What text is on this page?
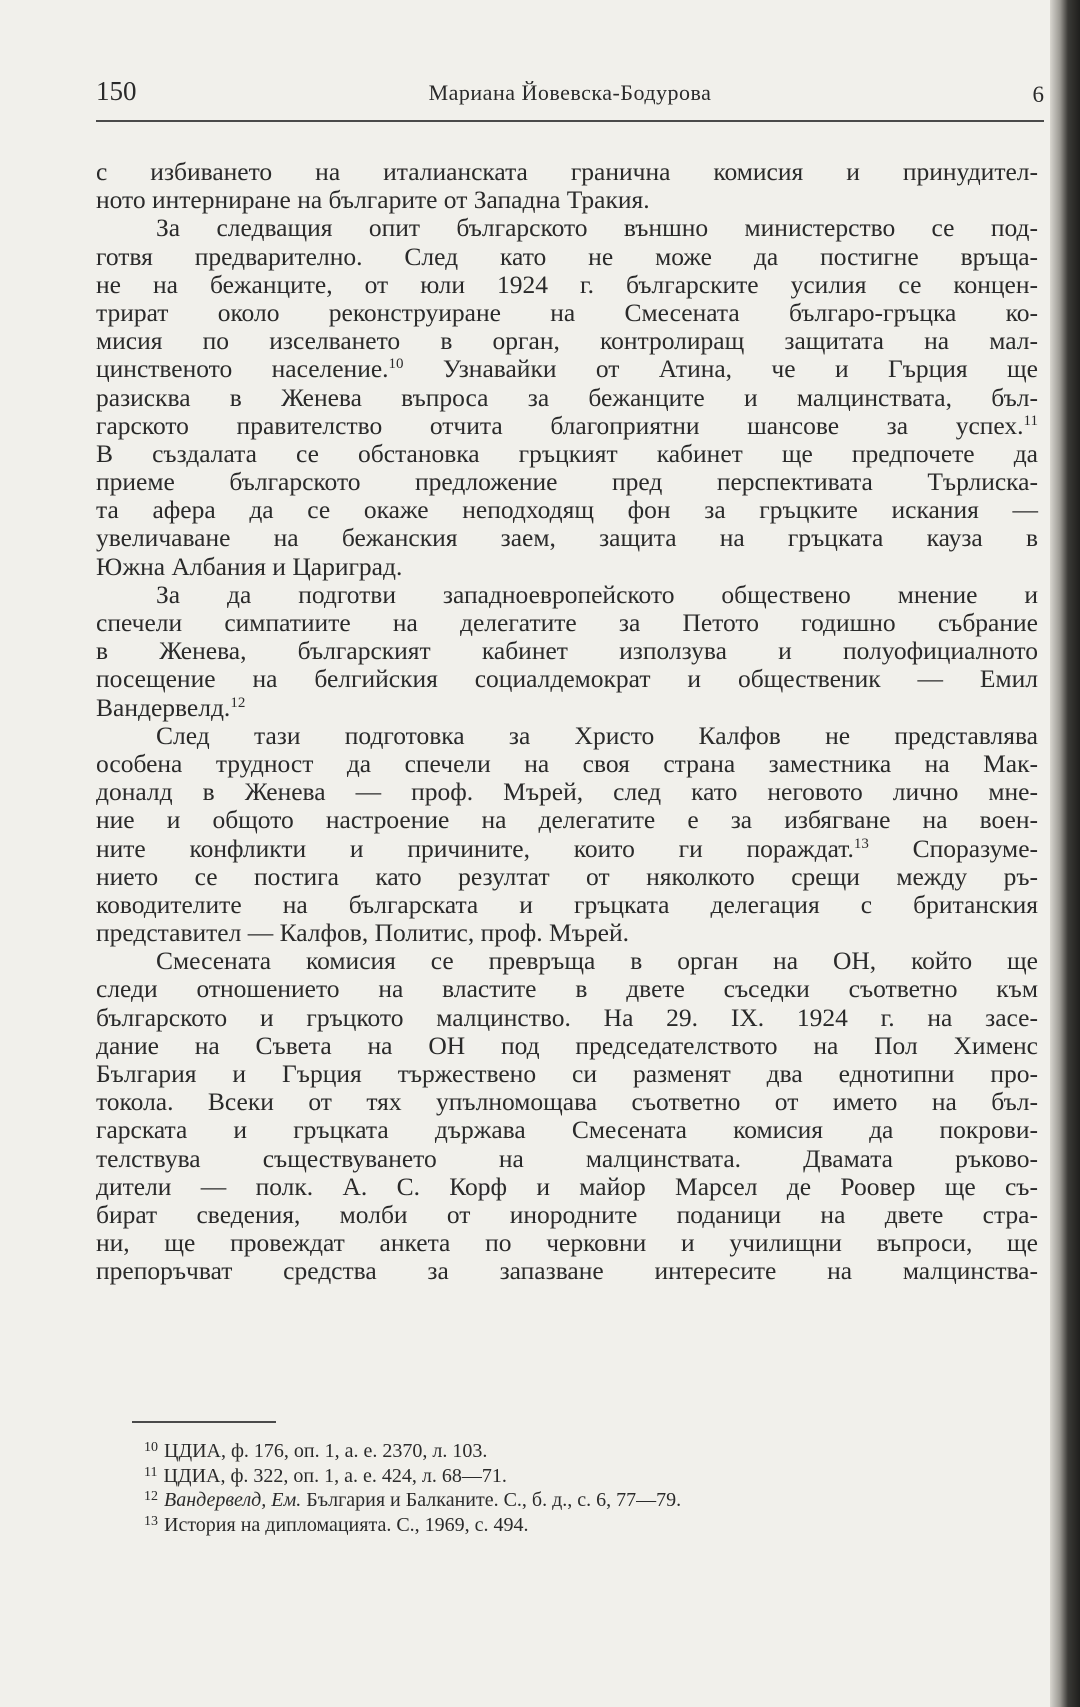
150	Мариана Йовевска-Бодурова	6
с избиването на италианската гранична комисия и принудител-
ното интерниране на българите от Западна Тракия.
За следващия опит българското външно министерство се под-
готвя предварително. След като не може да постигне връща-
не на бежанците, от юли 1924 г. българските усилия се концен-
трират около реконструиране на Смесената българо-гръцка ко-
мисия по изселването в орган, контролиращ защитата на мал-
цинственото население.$^{10}$ Узнавайки от Атина, че и Гърция ще
разисква в Женева въпроса за бежанците и малцинствата, бъл-
гарското правителство отчита благоприятни шансове за успех.$^{11}$
В създалата се обстановка гръцкият кабинет ще предпочете да
приеме българското предложение пред перспективата Търлиска-
та афера да се окаже неподходящ фон за гръцките искания —
увеличаване на бежанския заем, защита на гръцката кауза в
Южна Албания и Цариград.
За да подготви западноевропейското обществено мнение и
спечели симпатиите на делегатите за Петото годишно събрание
в Женева, българският кабинет използува и полуофициалното
посещение на белгийския социалдемократ и общественик — Емил
Вандервелд.$^{12}$
След тази подготовка за Христо Калфов не представлява
особена трудност да спечели на своя страна заместника на Мак-
доналд в Женева — проф. Мърей, след като неговото лично мне-
ние и общото настроение на делегатите е за избягване на воен-
ните конфликти и причините, които ги пораждат.$^{13}$ Споразуме-
нието се постига като резултат от няколкото срещи между ръ-
ководителите на българската и гръцката делегация с британския
представител — Калфов, Политис, проф. Мърей.
Смесената комисия се превръща в орган на ОН, който ще
следи отношението на властите в двете съседки съответно към
българското и гръцкото малцинство. На 29. IX. 1924 г. на засе-
дание на Съвета на ОН под председателството на Пол Хименс
България и Гърция тържествено си разменят два еднотипни про-
токола. Всеки от тях упълномощава съответно от името на бъл-
гарската и гръцката държава Смесената комисия да покрови-
телствува съществуването на малцинствата. Двамата ръково-
дители — полк. А. С. Корф и майор Марсел де Роовер ще съ-
бират сведения, молби от инородните поданици на двете стра-
ни, ще провеждат анкета по черковни и училищни въпроси, ще
препоръчват средства за запазване интересите на малцинства-
$^{10}$ ЦДИА, ф. 176, оп. 1, а. е. 2370, л. 103.
$^{11}$ ЦДИА, ф. 322, оп. 1, а. е. 424, л. 68—71.
$^{12}$ Вандервелд, Ем. България и Балканите. С., б. д., с. 6, 77—79.
$^{13}$ История на дипломацията. С., 1969, с. 494.
